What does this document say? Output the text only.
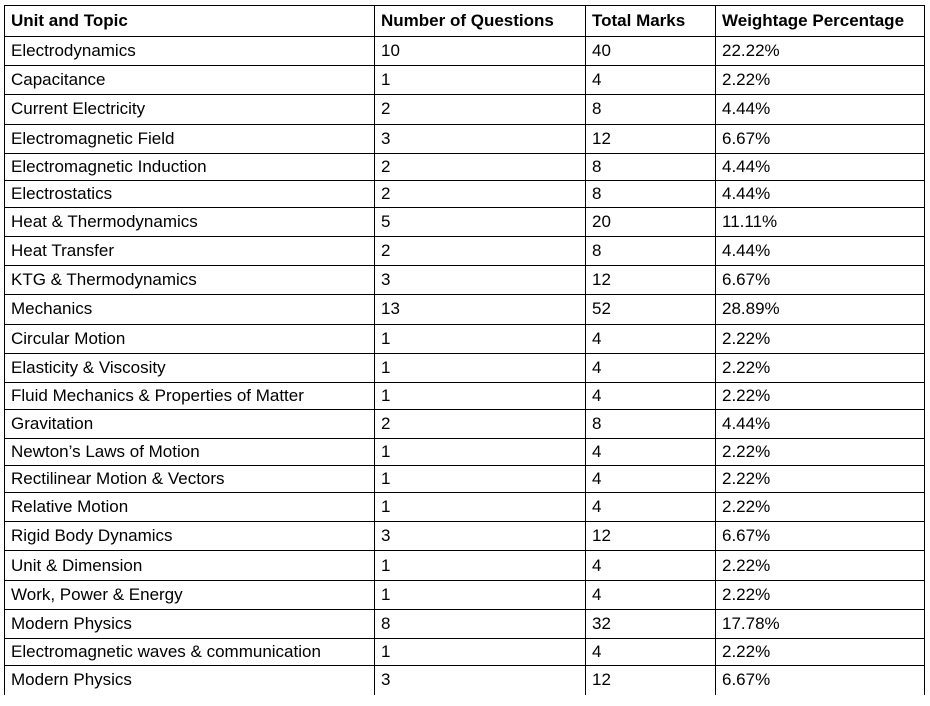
Unit and Topic	Number of Questions	Total Marks	Weightage Percentage
Electrodynamics	10	40	22.22%
Capacitance	1	4	2.22%
Current Electricity	2	8	4.44%
Electromagnetic Field	3	12	6.67%
Electromagnetic Induction	2	8	4.44%
Electrostatics	2	8	4.44%
Heat & Thermodynamics	5	20	11.11%
Heat Transfer	2	8	4.44%
KTG & Thermodynamics	3	12	6.67%
Mechanics	13	52	28.89%
Circular Motion	1	4	2.22%
Elasticity & Viscosity	1	4	2.22%
Fluid Mechanics & Properties of Matter	1	4	2.22%
Gravitation	2	8	4.44%
Newton’s Laws of Motion	1	4	2.22%
Rectilinear Motion & Vectors	1	4	2.22%
Relative Motion	1	4	2.22%
Rigid Body Dynamics	3	12	6.67%
Unit & Dimension	1	4	2.22%
Work, Power & Energy	1	4	2.22%
Modern Physics	8	32	17.78%
Electromagnetic waves & communication	1	4	2.22%
Modern Physics	3	12	6.67%
